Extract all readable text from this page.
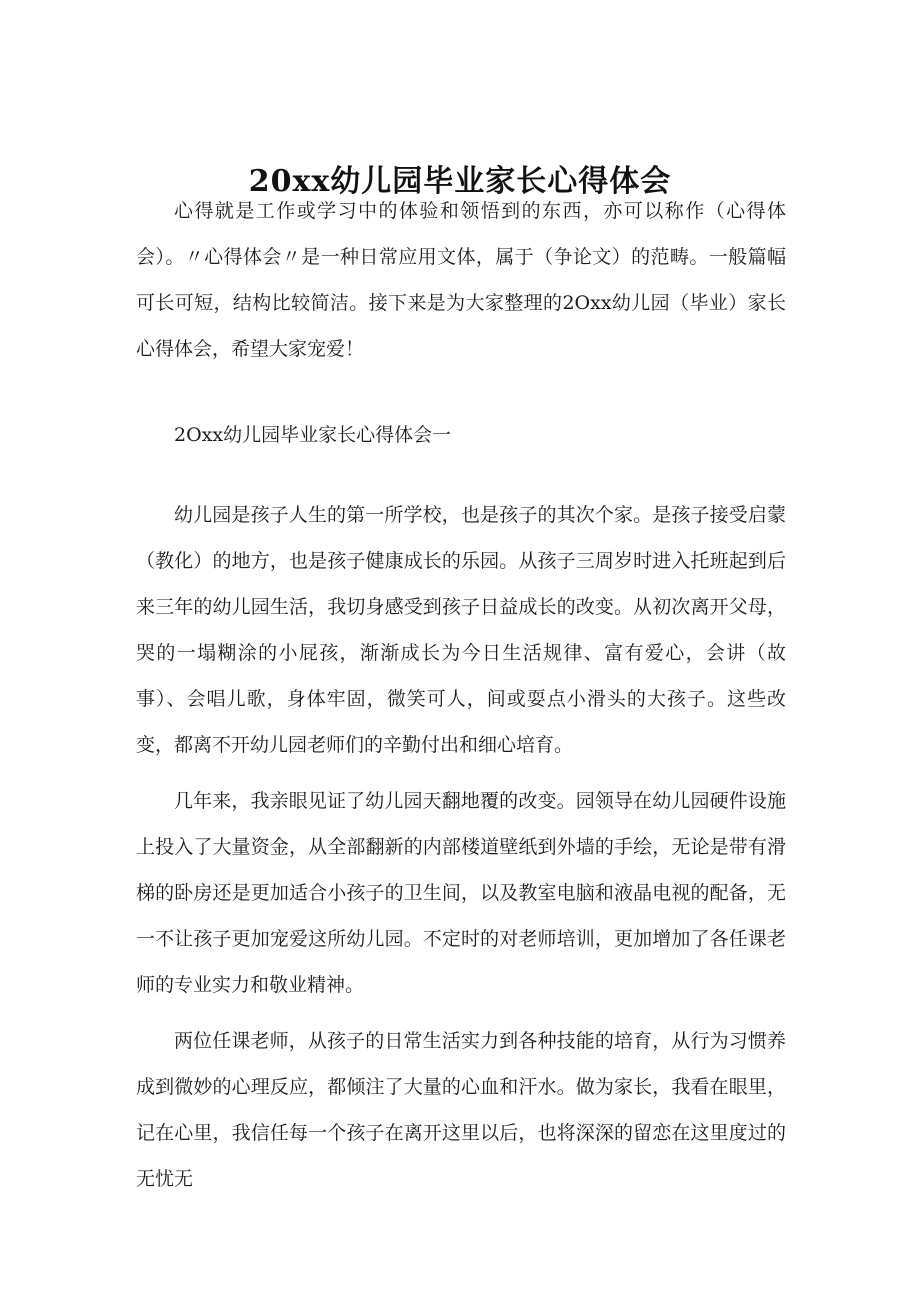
20xx幼儿园毕业家长心得体会

心得就是工作或学习中的体验和领悟到的东西，亦可以称作（心得体会）。〃心得体会〃是一种日常应用文体，属于（争论文）的范畴。一般篇幅可长可短，结构比较简洁。接下来是为大家整理的2Oxx幼儿园（毕业）家长心得体会，希望大家宠爱！

2Oxx幼儿园毕业家长心得体会一

幼儿园是孩子人生的第一所学校，也是孩子的其次个家。是孩子接受启蒙（教化）的地方，也是孩子健康成长的乐园。从孩子三周岁时进入托班起到后来三年的幼儿园生活，我切身感受到孩子日益成长的改变。从初次离开父母，哭的一塌糊涂的小屁孩，渐渐成长为今日生活规律、富有爱心，会讲（故事）、会唱儿歌，身体牢固，微笑可人，间或耍点小滑头的大孩子。这些改变，都离不开幼儿园老师们的辛勤付出和细心培育。

几年来，我亲眼见证了幼儿园天翻地覆的改变。园领导在幼儿园硬件设施上投入了大量资金，从全部翻新的内部楼道壁纸到外墙的手绘，无论是带有滑梯的卧房还是更加适合小孩子的卫生间，以及教室电脑和液晶电视的配备，无一不让孩子更加宠爱这所幼儿园。不定时的对老师培训，更加增加了各任课老师的专业实力和敬业精神。

两位任课老师，从孩子的日常生活实力到各种技能的培育，从行为习惯养成到微妙的心理反应，都倾注了大量的心血和汗水。做为家长，我看在眼里，记在心里，我信任每一个孩子在离开这里以后，也将深深的留恋在这里度过的无忧无
